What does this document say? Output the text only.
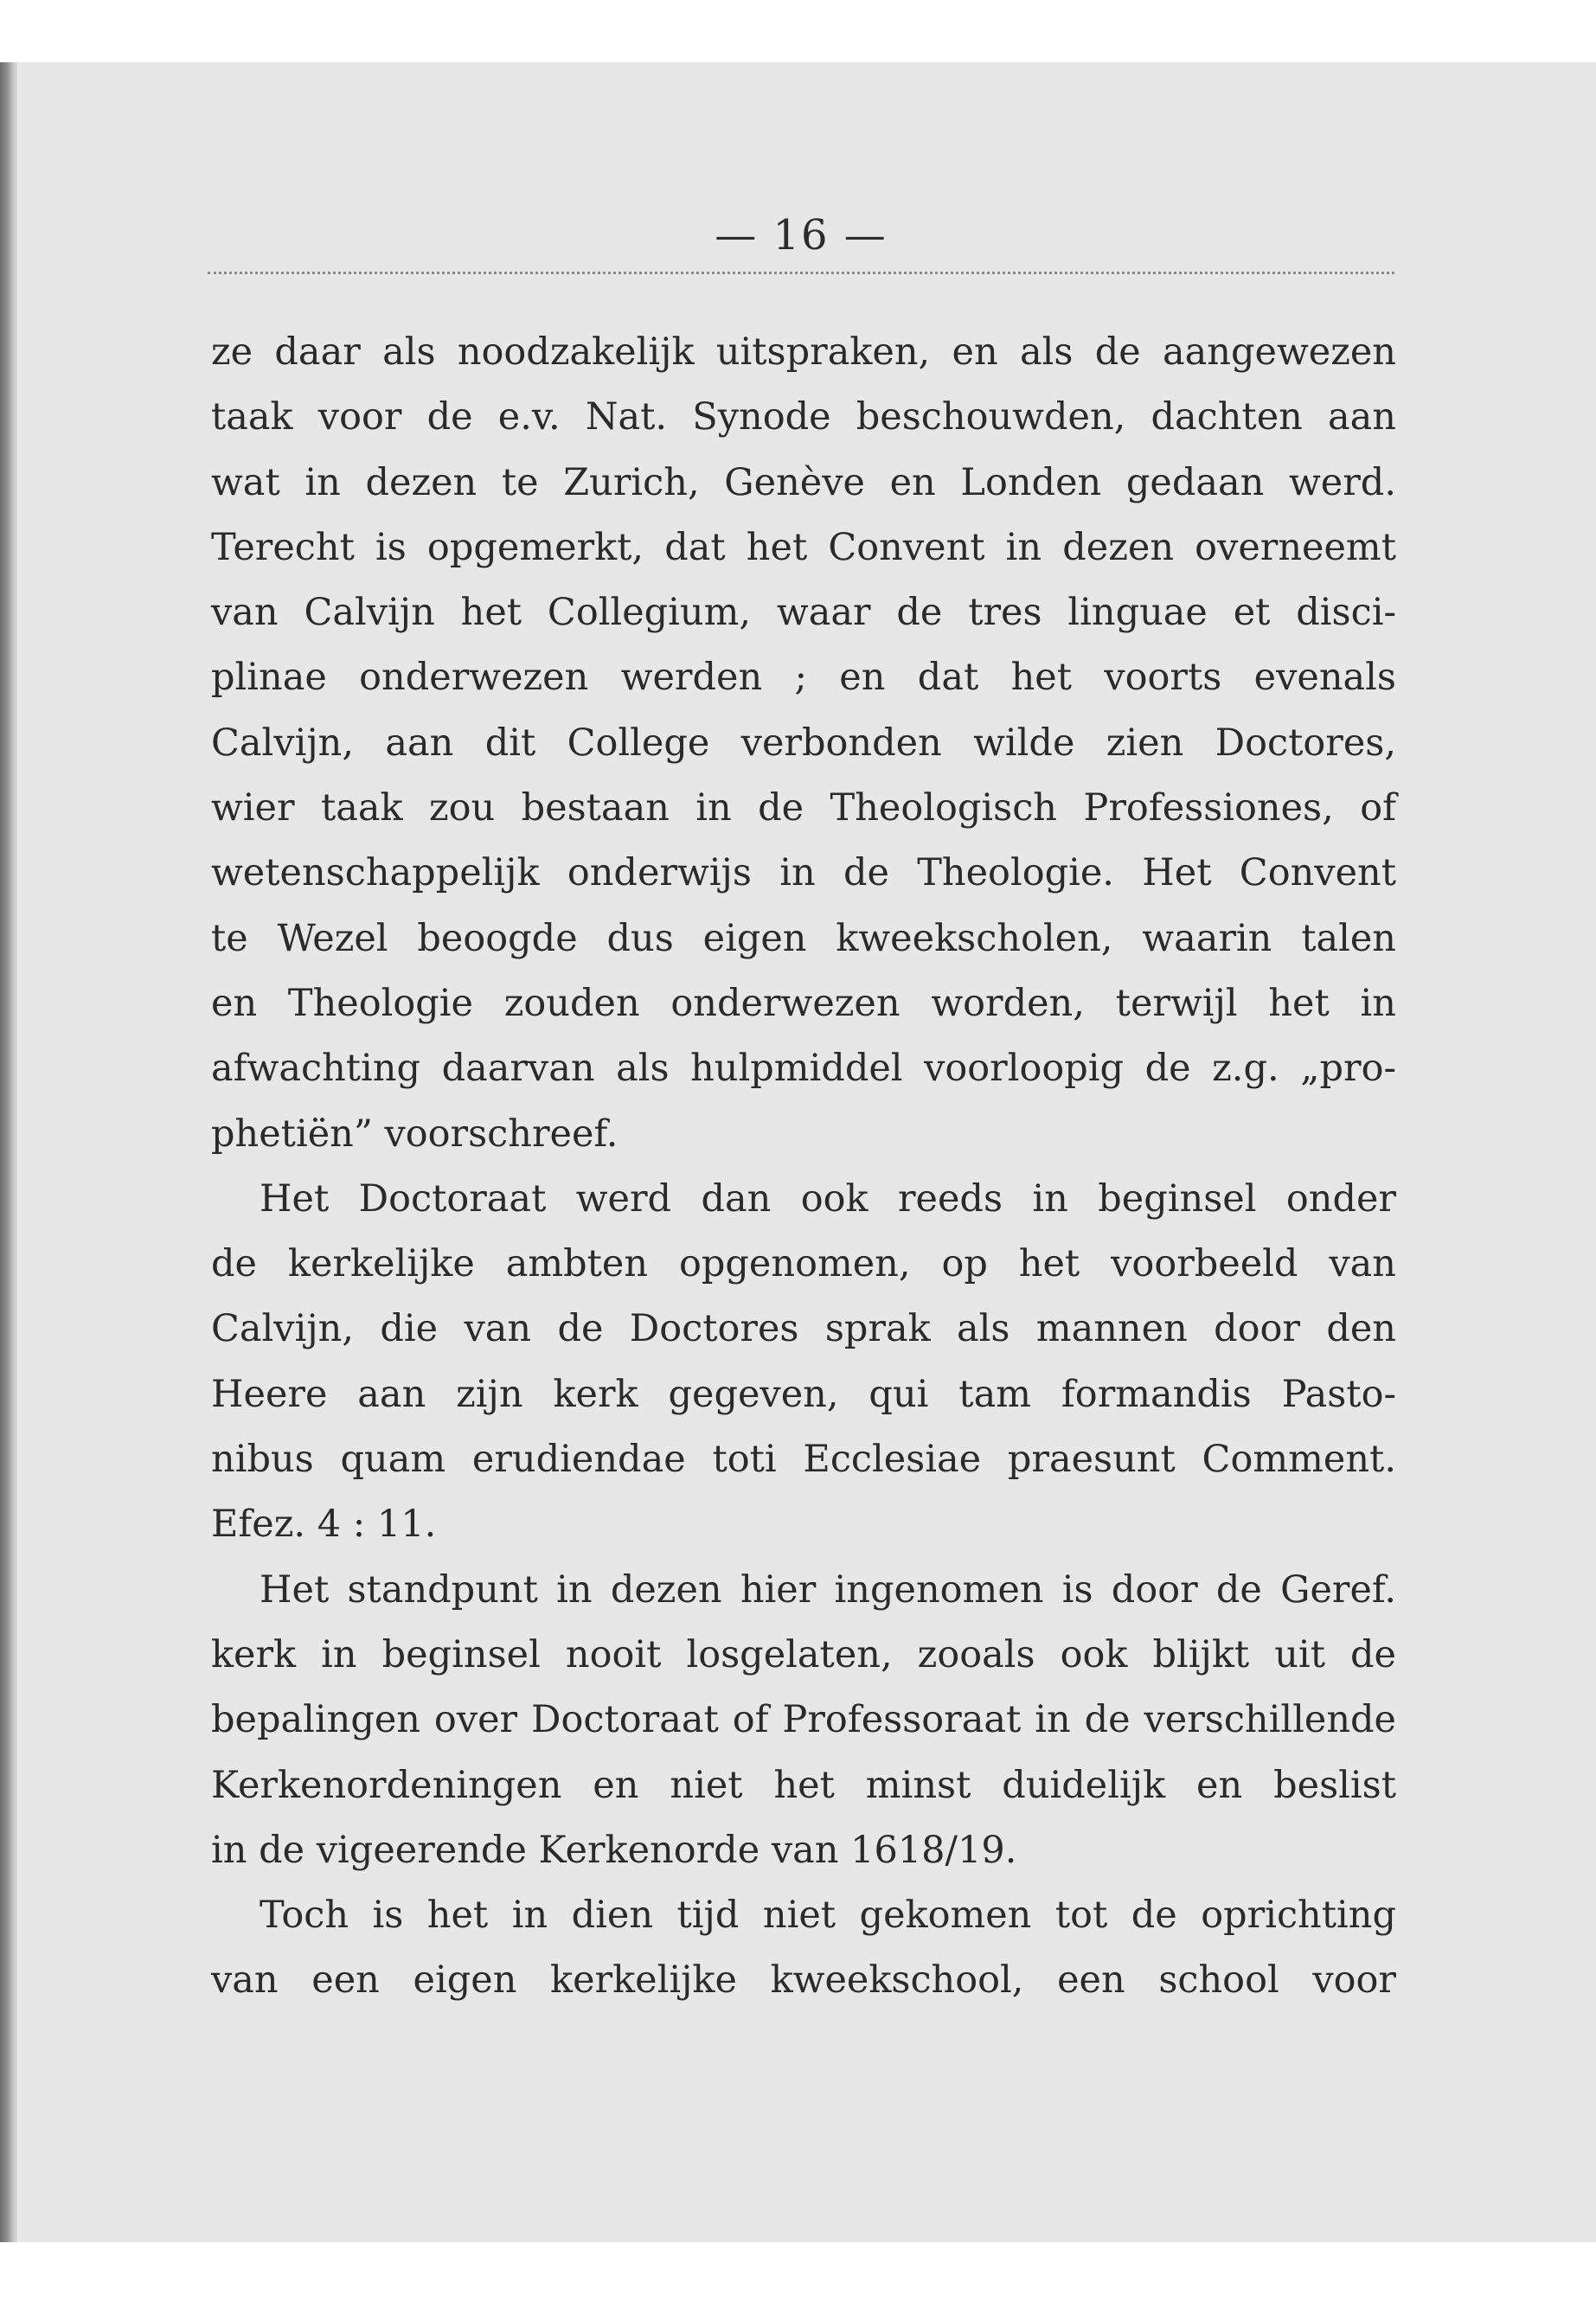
— 16 —
ze daar als noodzakelijk uitspraken, en als de aangewezen
taak voor de e.v. Nat. Synode beschouwden, dachten aan
wat in dezen te Zurich, Genève en Londen gedaan werd.
Terecht is opgemerkt, dat het Convent in dezen overneemt
van Calvijn het Collegium, waar de tres linguae et disci-
plinae onderwezen werden ; en dat het voorts evenals
Calvijn, aan dit College verbonden wilde zien Doctores,
wier taak zou bestaan in de Theologisch Professiones, of
wetenschappelijk onderwijs in de Theologie. Het Convent
te Wezel beoogde dus eigen kweekscholen, waarin talen
en Theologie zouden onderwezen worden, terwijl het in
afwachting daarvan als hulpmiddel voorloopig de z.g. „pro-
phetiën” voorschreef.
Het Doctoraat werd dan ook reeds in beginsel onder
de kerkelijke ambten opgenomen, op het voorbeeld van
Calvijn, die van de Doctores sprak als mannen door den
Heere aan zijn kerk gegeven, qui tam formandis Pasto-
nibus quam erudiendae toti Ecclesiae praesunt Comment.
Efez. 4 : 11.
Het standpunt in dezen hier ingenomen is door de Geref.
kerk in beginsel nooit losgelaten, zooals ook blijkt uit de
bepalingen over Doctoraat of Professoraat in de verschillende
Kerkenordeningen en niet het minst duidelijk en beslist
in de vigeerende Kerkenorde van 1618/19.
Toch is het in dien tijd niet gekomen tot de oprichting
van een eigen kerkelijke kweekschool, een school voor
